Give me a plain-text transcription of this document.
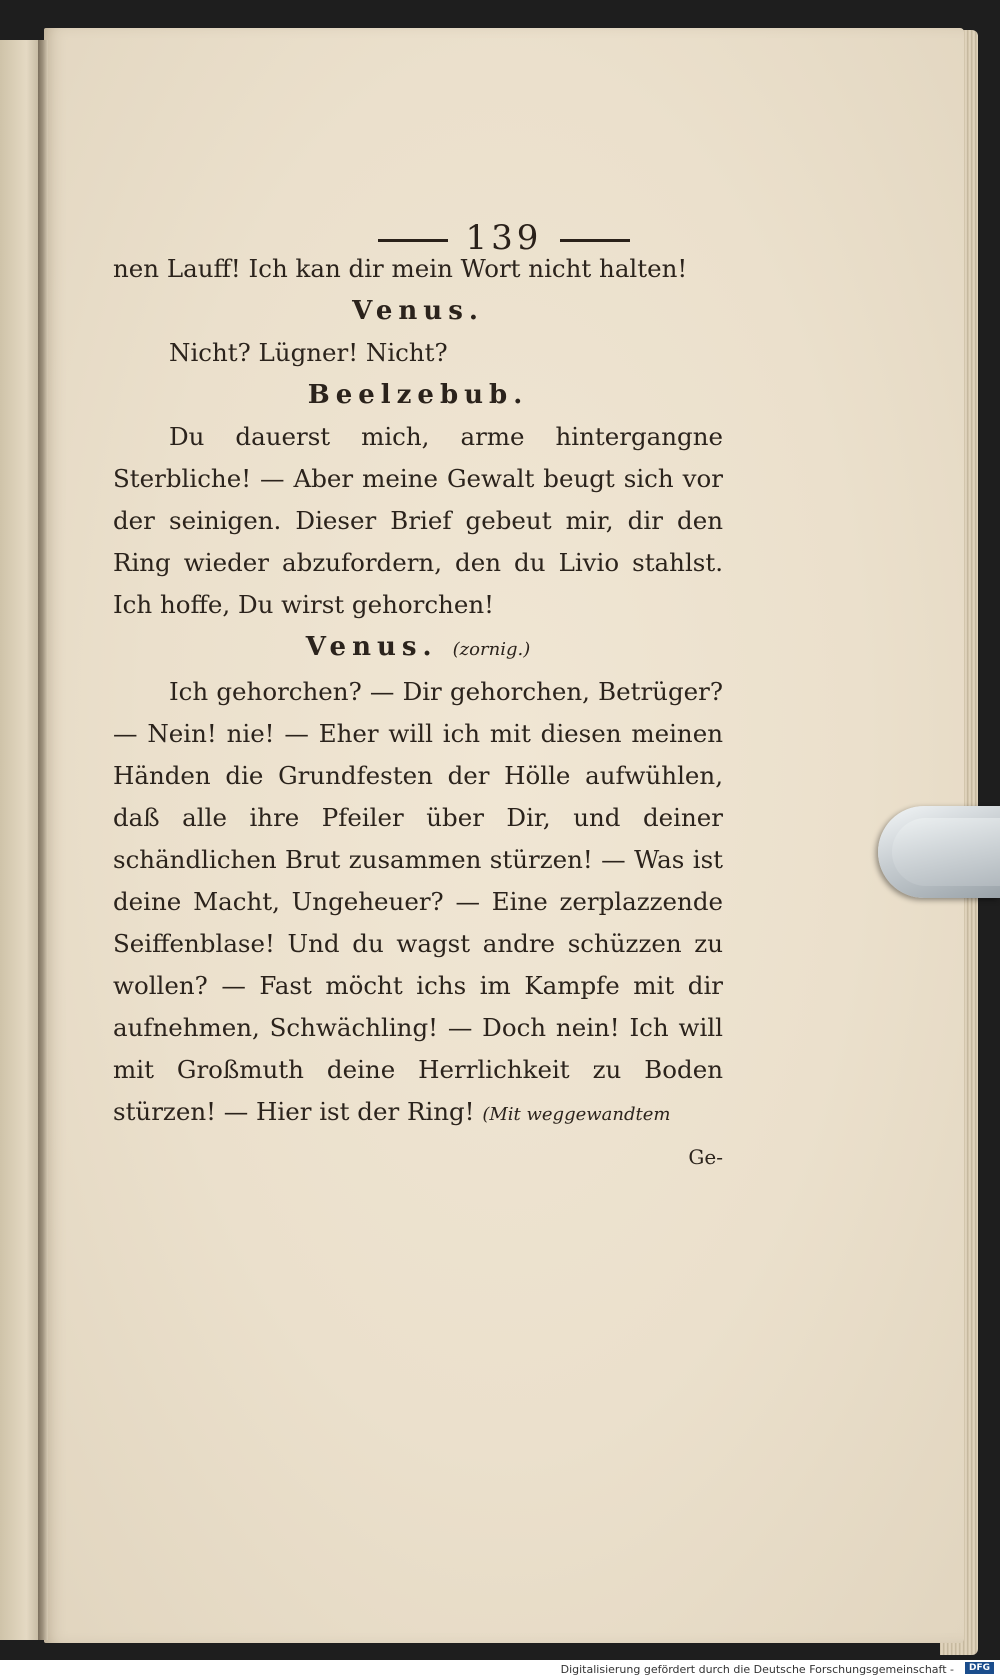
139

nen Lauff! Ich kan dir mein Wort nicht halten!

Venus.

Nicht? Lügner! Nicht?

Beelzebub.

Du dauerst mich, arme hintergangne Sterbliche! — Aber meine Gewalt beugt sich vor der seinigen. Dieser Brief gebeut mir, dir den Ring wieder abzufordern, den du Livio stahlst. Ich hoffe, Du wirst gehorchen!

Venus. (zornig.)

Ich gehorchen? — Dir gehorchen, Betrüger? — Nein! nie! — Eher will ich mit diesen meinen Händen die Grundfesten der Hölle aufwühlen, daß alle ihre Pfeiler über Dir, und deiner schändlichen Brut zusammen stürzen! — Was ist deine Macht, Ungeheuer? — Eine zerplazzende Seiffenblase! Und du wagst andre schüzzen zu wollen? — Fast möcht ichs im Kampfe mit dir aufnehmen, Schwächling! — Doch nein! Ich will mit Großmuth deine Herrlichkeit zu Boden stürzen! — Hier ist der Ring! (Mit weggewandtem

Ge-

Digitalisierung gefördert durch die Deutsche Forschungsgemeinschaft -	DFG
